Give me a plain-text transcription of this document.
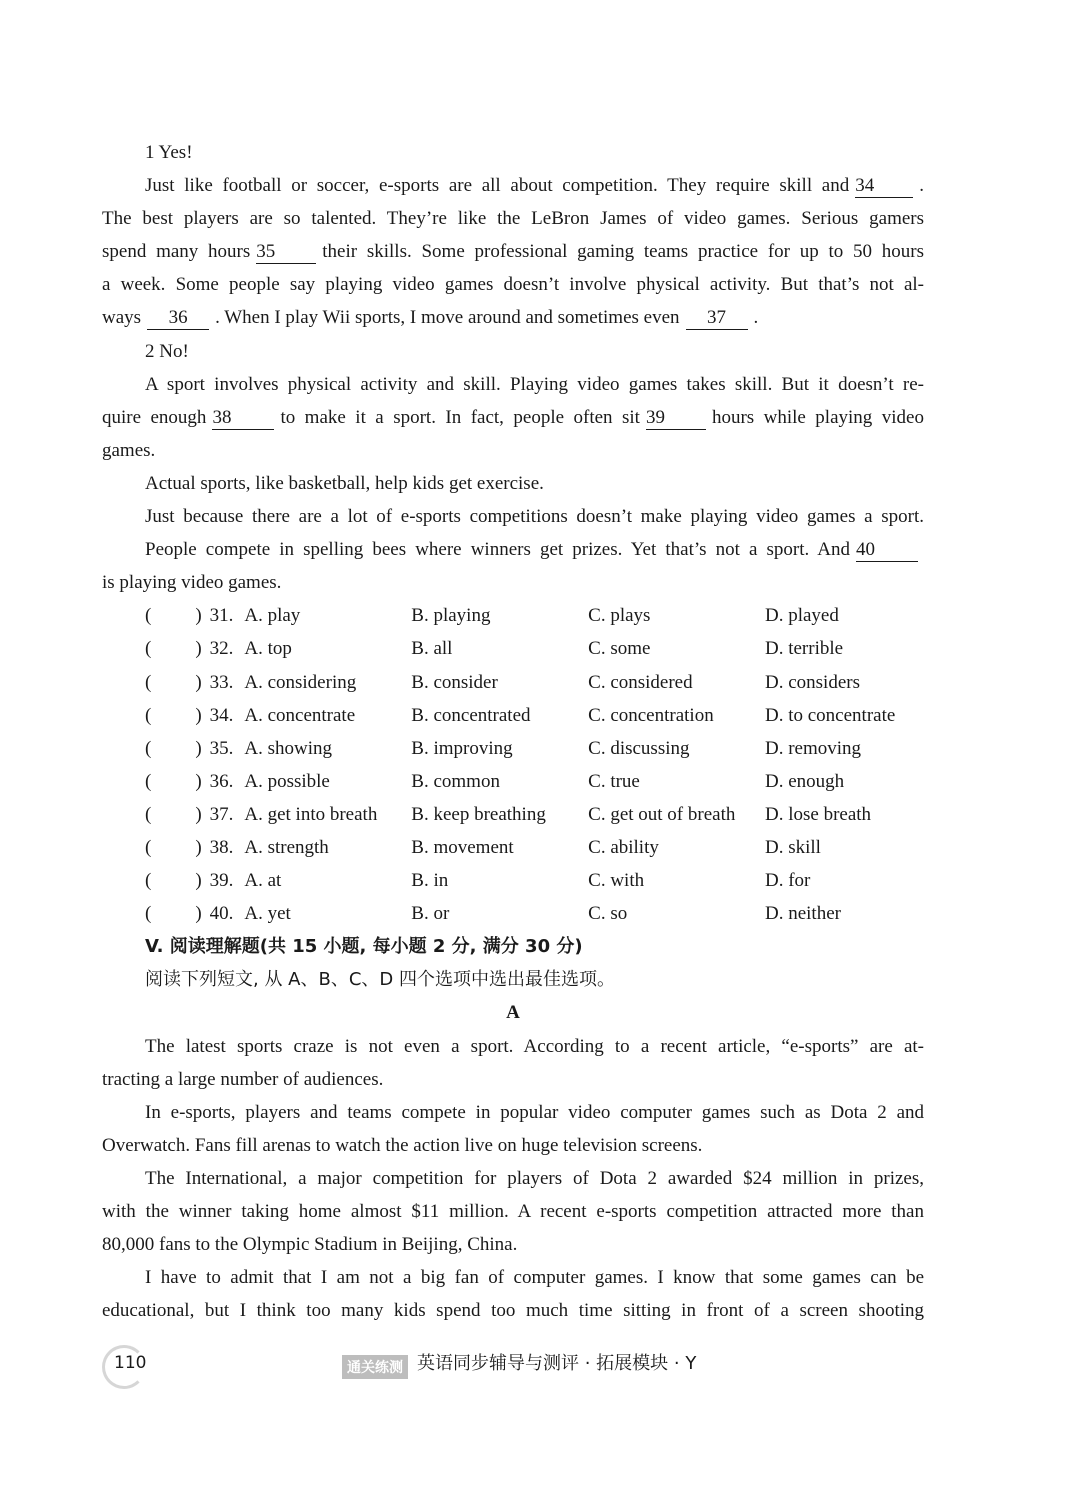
1 Yes!
Just like football or soccer, e-sports are all about competition. They require skill and 34 .
The best players are so talented. They’re like the LeBron James of video games. Serious gamers
spend many hours 35 their skills. Some professional gaming teams practice for up to 50 hours
a week. Some people say playing video games doesn’t involve physical activity. But that’s not al-
ways 36 . When I play Wii sports, I move around and sometimes even 37 .
2 No!
A sport involves physical activity and skill. Playing video games takes skill. But it doesn’t re-
quire enough 38	to make it a sport. In fact, people often sit 39 hours while playing video
games.
Actual sports, like basketball, help kids get exercise.
Just because there are a lot of e-sports competitions doesn’t make playing video games a sport.
People compete in spelling bees where winners get prizes. Yet that’s not a sport. And 40
is playing video games.
( ) 31. A. play	B. playing	C. plays	D. played
( ) 32. A. top	B. all	C. some	D. terrible
( ) 33. A. considering	B. consider	C. considered	D. considers
( ) 34. A. concentrate	B. concentrated	C. concentration	D. to concentrate
( ) 35. A. showing	B. improving	C. discussing	D. removing
( ) 36. A. possible	B. common	C. true	D. enough
( ) 37. A. get into breath	B. keep breathing	C. get out of breath	D. lose breath
( ) 38. A. strength	B. movement	C. ability	D. skill
( ) 39. A. at	B. in	C. with	D. for
( ) 40. A. yet	B. or	C. so	D. neither
V. 阅读理解题(共 15 小题, 每小题 2 分, 满分 30 分)
阅读下列短文, 从 A、B、C、D 四个选项中选出最佳选项。
A
The latest sports craze is not even a sport. According to a recent article, “e-sports” are at-
tracting a large number of audiences.
In e-sports, players and teams compete in popular video computer games such as Dota 2 and
Overwatch. Fans fill arenas to watch the action live on huge television screens.
The International, a major competition for players of Dota 2 awarded $24 million in prizes,
with the winner taking home almost $11 million. A recent e-sports competition attracted more than
80,000 fans to the Olympic Stadium in Beijing, China.
I have to admit that I am not a big fan of computer games. I know that some games can be
educational, but I think too many kids spend too much time sitting in front of a screen shooting
110	通关练测 英语同步辅导与测评 · 拓展模块 · Y
